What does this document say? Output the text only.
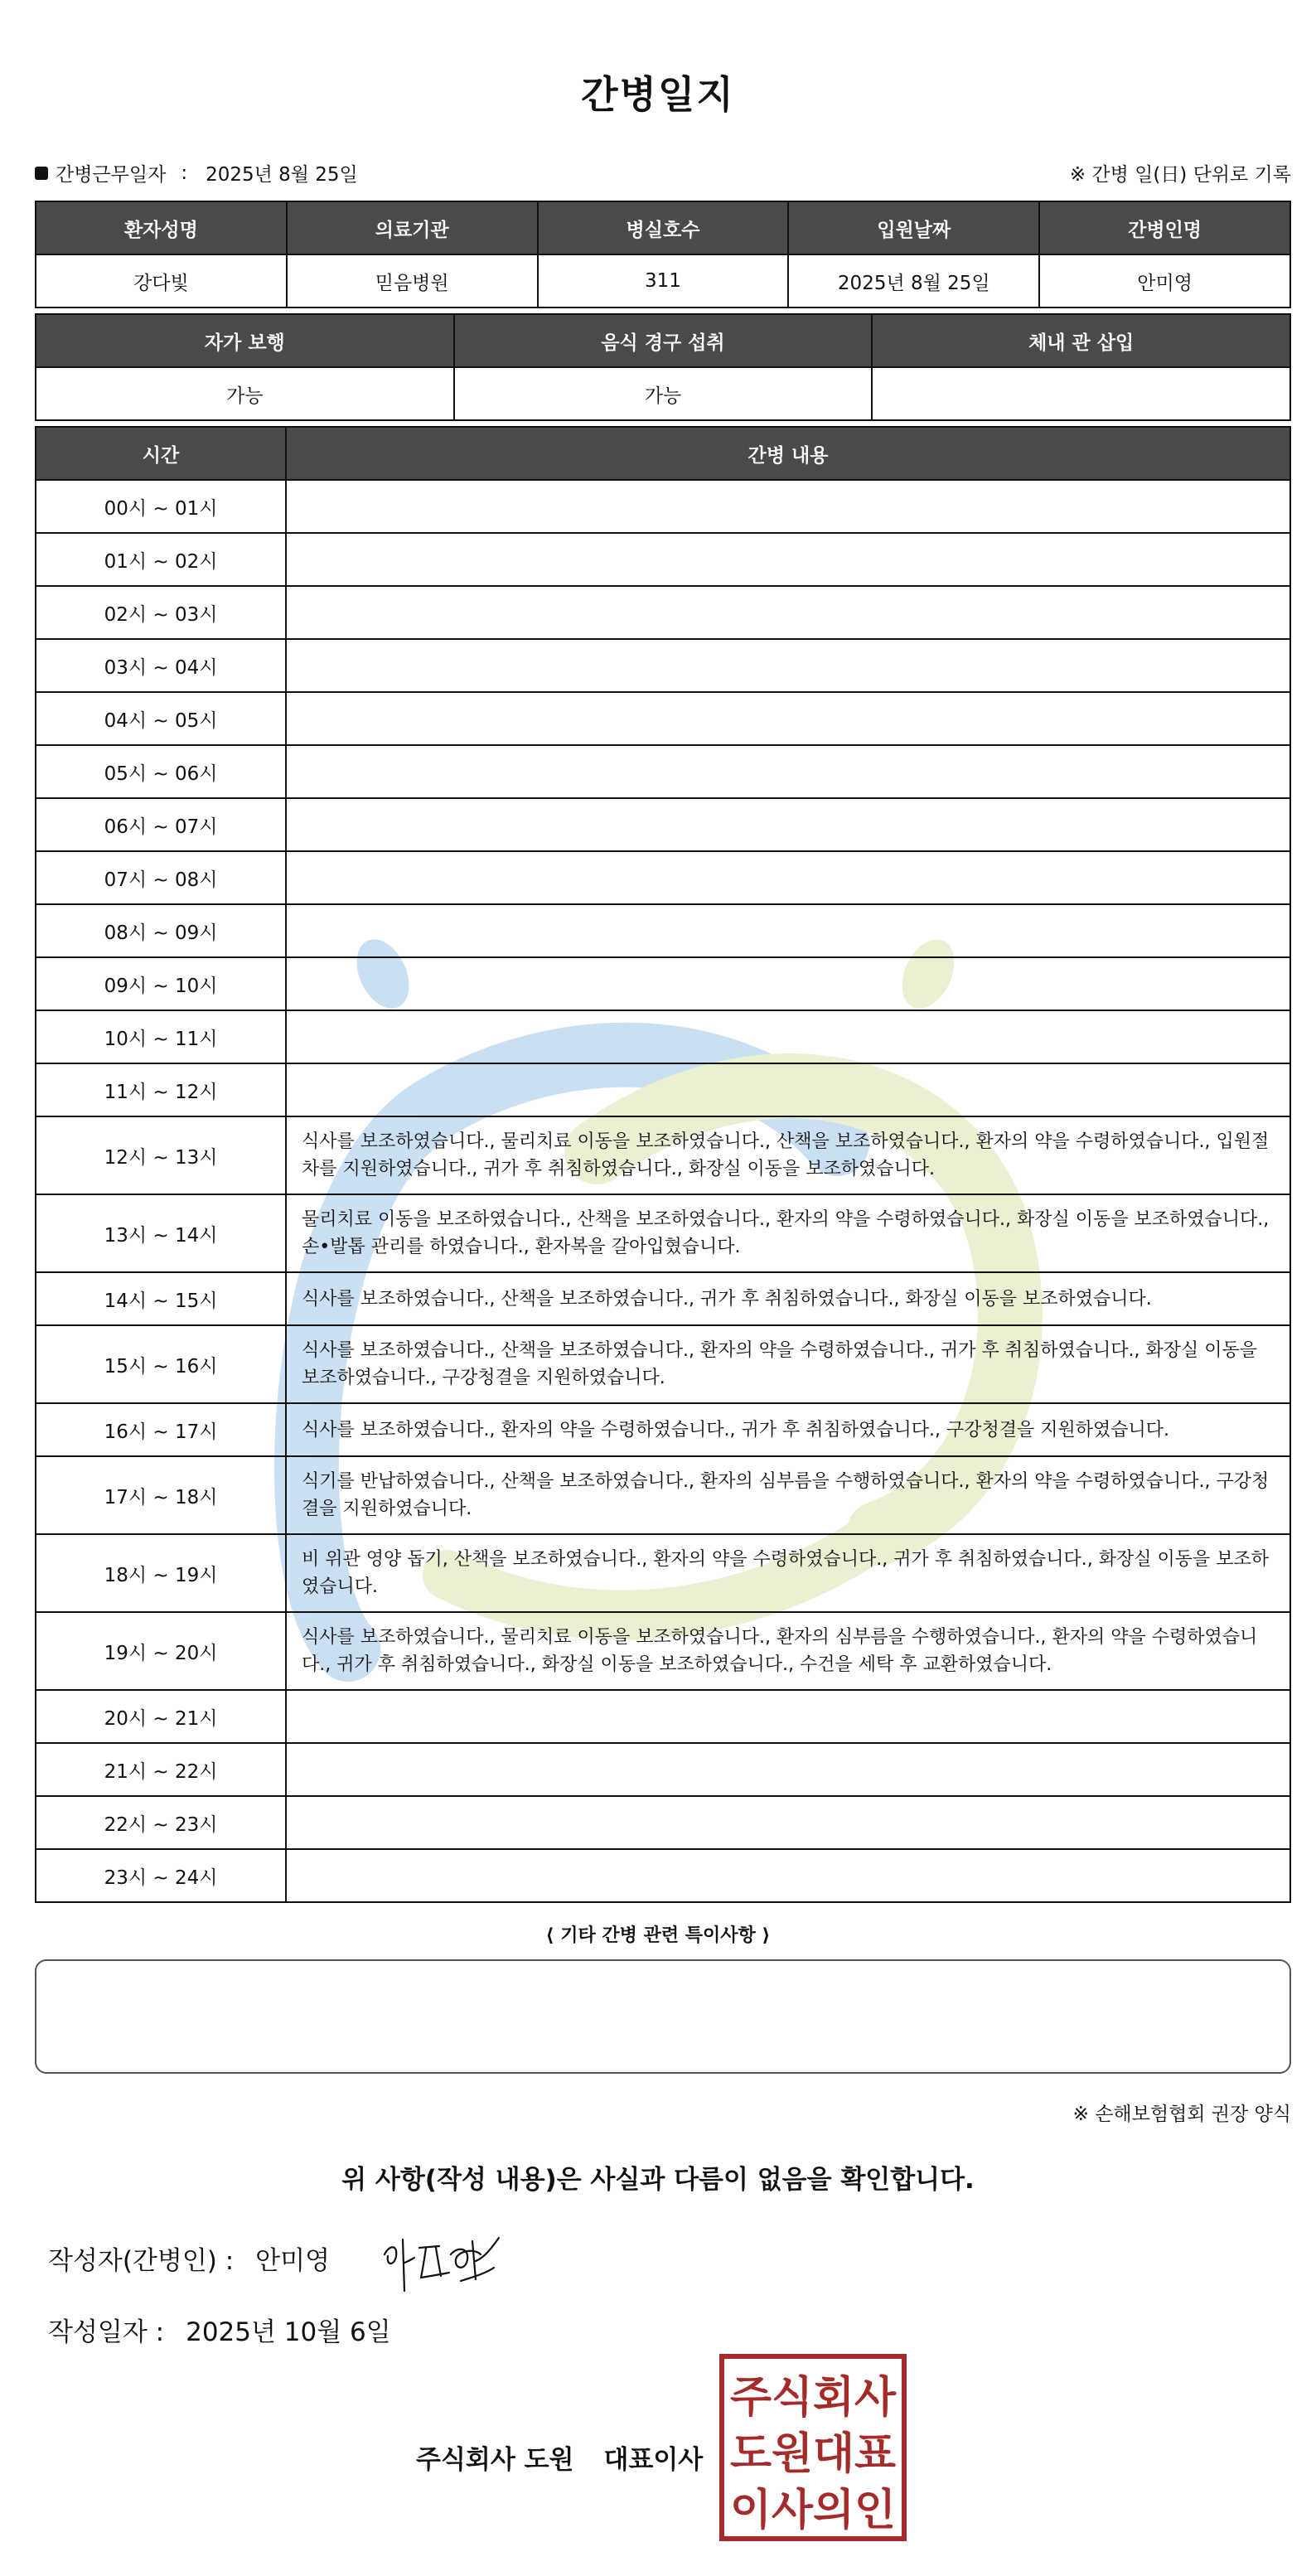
간병일지
간병근무일자 : 2025년 8월 25일	※ 간병 일(日) 단위로 기록
환자성명	의료기관	병실호수	입원날짜	간병인명
강다빛	믿음병원	311	2025년 8월 25일	안미영
자가 보행	음식 경구 섭취	체내 관 삽입
가능	가능	
시간	간병 내용
00시 ~ 01시	
01시 ~ 02시	
02시 ~ 03시	
03시 ~ 04시	
04시 ~ 05시	
05시 ~ 06시	
06시 ~ 07시	
07시 ~ 08시	
08시 ~ 09시	
09시 ~ 10시	
10시 ~ 11시	
11시 ~ 12시	
12시 ~ 13시	식사를 보조하였습니다., 물리치료 이동을 보조하였습니다., 산책을 보조하였습니다., 환자의 약을 수령하였습니다., 입원절차를 지원하였습니다., 귀가 후 취침하였습니다., 화장실 이동을 보조하였습니다.
13시 ~ 14시	물리치료 이동을 보조하였습니다., 산책을 보조하였습니다., 환자의 약을 수령하였습니다., 화장실 이동을 보조하였습니다., 손•발톱 관리를 하였습니다., 환자복을 갈아입혔습니다.
14시 ~ 15시	식사를 보조하였습니다., 산책을 보조하였습니다., 귀가 후 취침하였습니다., 화장실 이동을 보조하였습니다.
15시 ~ 16시	식사를 보조하였습니다., 산책을 보조하였습니다., 환자의 약을 수령하였습니다., 귀가 후 취침하였습니다., 화장실 이동을 보조하였습니다., 구강청결을 지원하였습니다.
16시 ~ 17시	식사를 보조하였습니다., 환자의 약을 수령하였습니다., 귀가 후 취침하였습니다., 구강청결을 지원하였습니다.
17시 ~ 18시	식기를 반납하였습니다., 산책을 보조하였습니다., 환자의 심부름을 수행하였습니다., 환자의 약을 수령하였습니다., 구강청결을 지원하였습니다.
18시 ~ 19시	비 위관 영양 돕기, 산책을 보조하였습니다., 환자의 약을 수령하였습니다., 귀가 후 취침하였습니다., 화장실 이동을 보조하였습니다.
19시 ~ 20시	식사를 보조하였습니다., 물리치료 이동을 보조하였습니다., 환자의 심부름을 수행하였습니다., 환자의 약을 수령하였습니다., 귀가 후 취침하였습니다., 화장실 이동을 보조하였습니다., 수건을 세탁 후 교환하였습니다.
20시 ~ 21시	
21시 ~ 22시	
22시 ~ 23시	
23시 ~ 24시	
⟨ 기타 간병 관련 특이사항 ⟩
※ 손해보험협회 권장 양식
위 사항(작성 내용)은 사실과 다름이 없음을 확인합니다.
작성자(간병인) : 안미영
작성일자 : 2025년 10월 6일
주식회사 도원 대표이사
주식회사
도원대표
이사의인
